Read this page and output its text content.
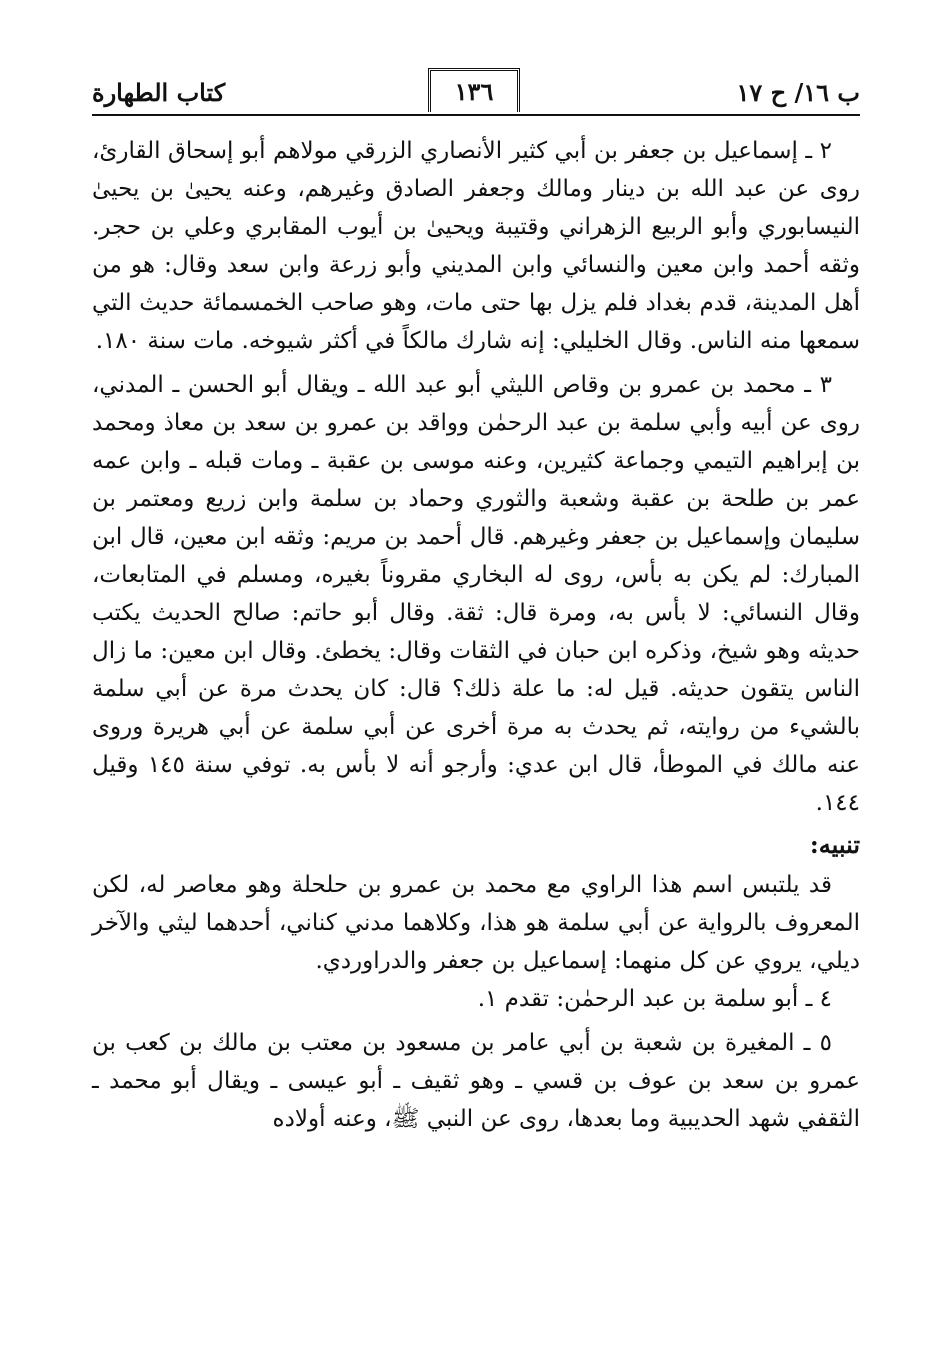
ب ١٦/ ح ١٧
١٣٦
كتاب الطهارة

٢ ـ إسماعيل بن جعفر بن أبي كثير الأنصاري الزرقي مولاهم أبو إسحاق القارئ، روى عن عبد الله بن دينار ومالك وجعفر الصادق وغيرهم، وعنه يحيىٰ بن يحيىٰ النيسابوري وأبو الربيع الزهراني وقتيبة ويحيىٰ بن أيوب المقابري وعلي بن حجر. وثقه أحمد وابن معين والنسائي وابن المديني وأبو زرعة وابن سعد وقال: هو من أهل المدينة، قدم بغداد فلم يزل بها حتى مات، وهو صاحب الخمسمائة حديث التي سمعها منه الناس. وقال الخليلي: إنه شارك مالكاً في أكثر شيوخه. مات سنة ١٨٠.

٣ ـ محمد بن عمرو بن وقاص الليثي أبو عبد الله ـ ويقال أبو الحسن ـ المدني، روى عن أبيه وأبي سلمة بن عبد الرحمٰن وواقد بن عمرو بن سعد بن معاذ ومحمد بن إبراهيم التيمي وجماعة كثيرين، وعنه موسى بن عقبة ـ ومات قبله ـ وابن عمه عمر بن طلحة بن عقبة وشعبة والثوري وحماد بن سلمة وابن زريع ومعتمر بن سليمان وإسماعيل بن جعفر وغيرهم. قال أحمد بن مريم: وثقه ابن معين، قال ابن المبارك: لم يكن به بأس، روى له البخاري مقروناً بغيره، ومسلم في المتابعات، وقال النسائي: لا بأس به، ومرة قال: ثقة. وقال أبو حاتم: صالح الحديث يكتب حديثه وهو شيخ، وذكره ابن حبان في الثقات وقال: يخطئ. وقال ابن معين: ما زال الناس يتقون حديثه. قيل له: ما علة ذلك؟ قال: كان يحدث مرة عن أبي سلمة بالشيء من روايته، ثم يحدث به مرة أخرى عن أبي سلمة عن أبي هريرة وروى عنه مالك في الموطأ، قال ابن عدي: وأرجو أنه لا بأس به. توفي سنة ١٤٥ وقيل ١٤٤.

تنبيه:

قد يلتبس اسم هذا الراوي مع محمد بن عمرو بن حلحلة وهو معاصر له، لكن المعروف بالرواية عن أبي سلمة هو هذا، وكلاهما مدني كناني، أحدهما ليثي والآخر ديلي، يروي عن كل منهما: إسماعيل بن جعفر والدراوردي.

٤ ـ أبو سلمة بن عبد الرحمٰن: تقدم ١.

٥ ـ المغيرة بن شعبة بن أبي عامر بن مسعود بن معتب بن مالك بن كعب بن عمرو بن سعد بن عوف بن قسي ـ وهو ثقيف ـ أبو عيسى ـ ويقال أبو محمد ـ الثقفي شهد الحديبية وما بعدها، روى عن النبي ﷺ، وعنه أولاده
